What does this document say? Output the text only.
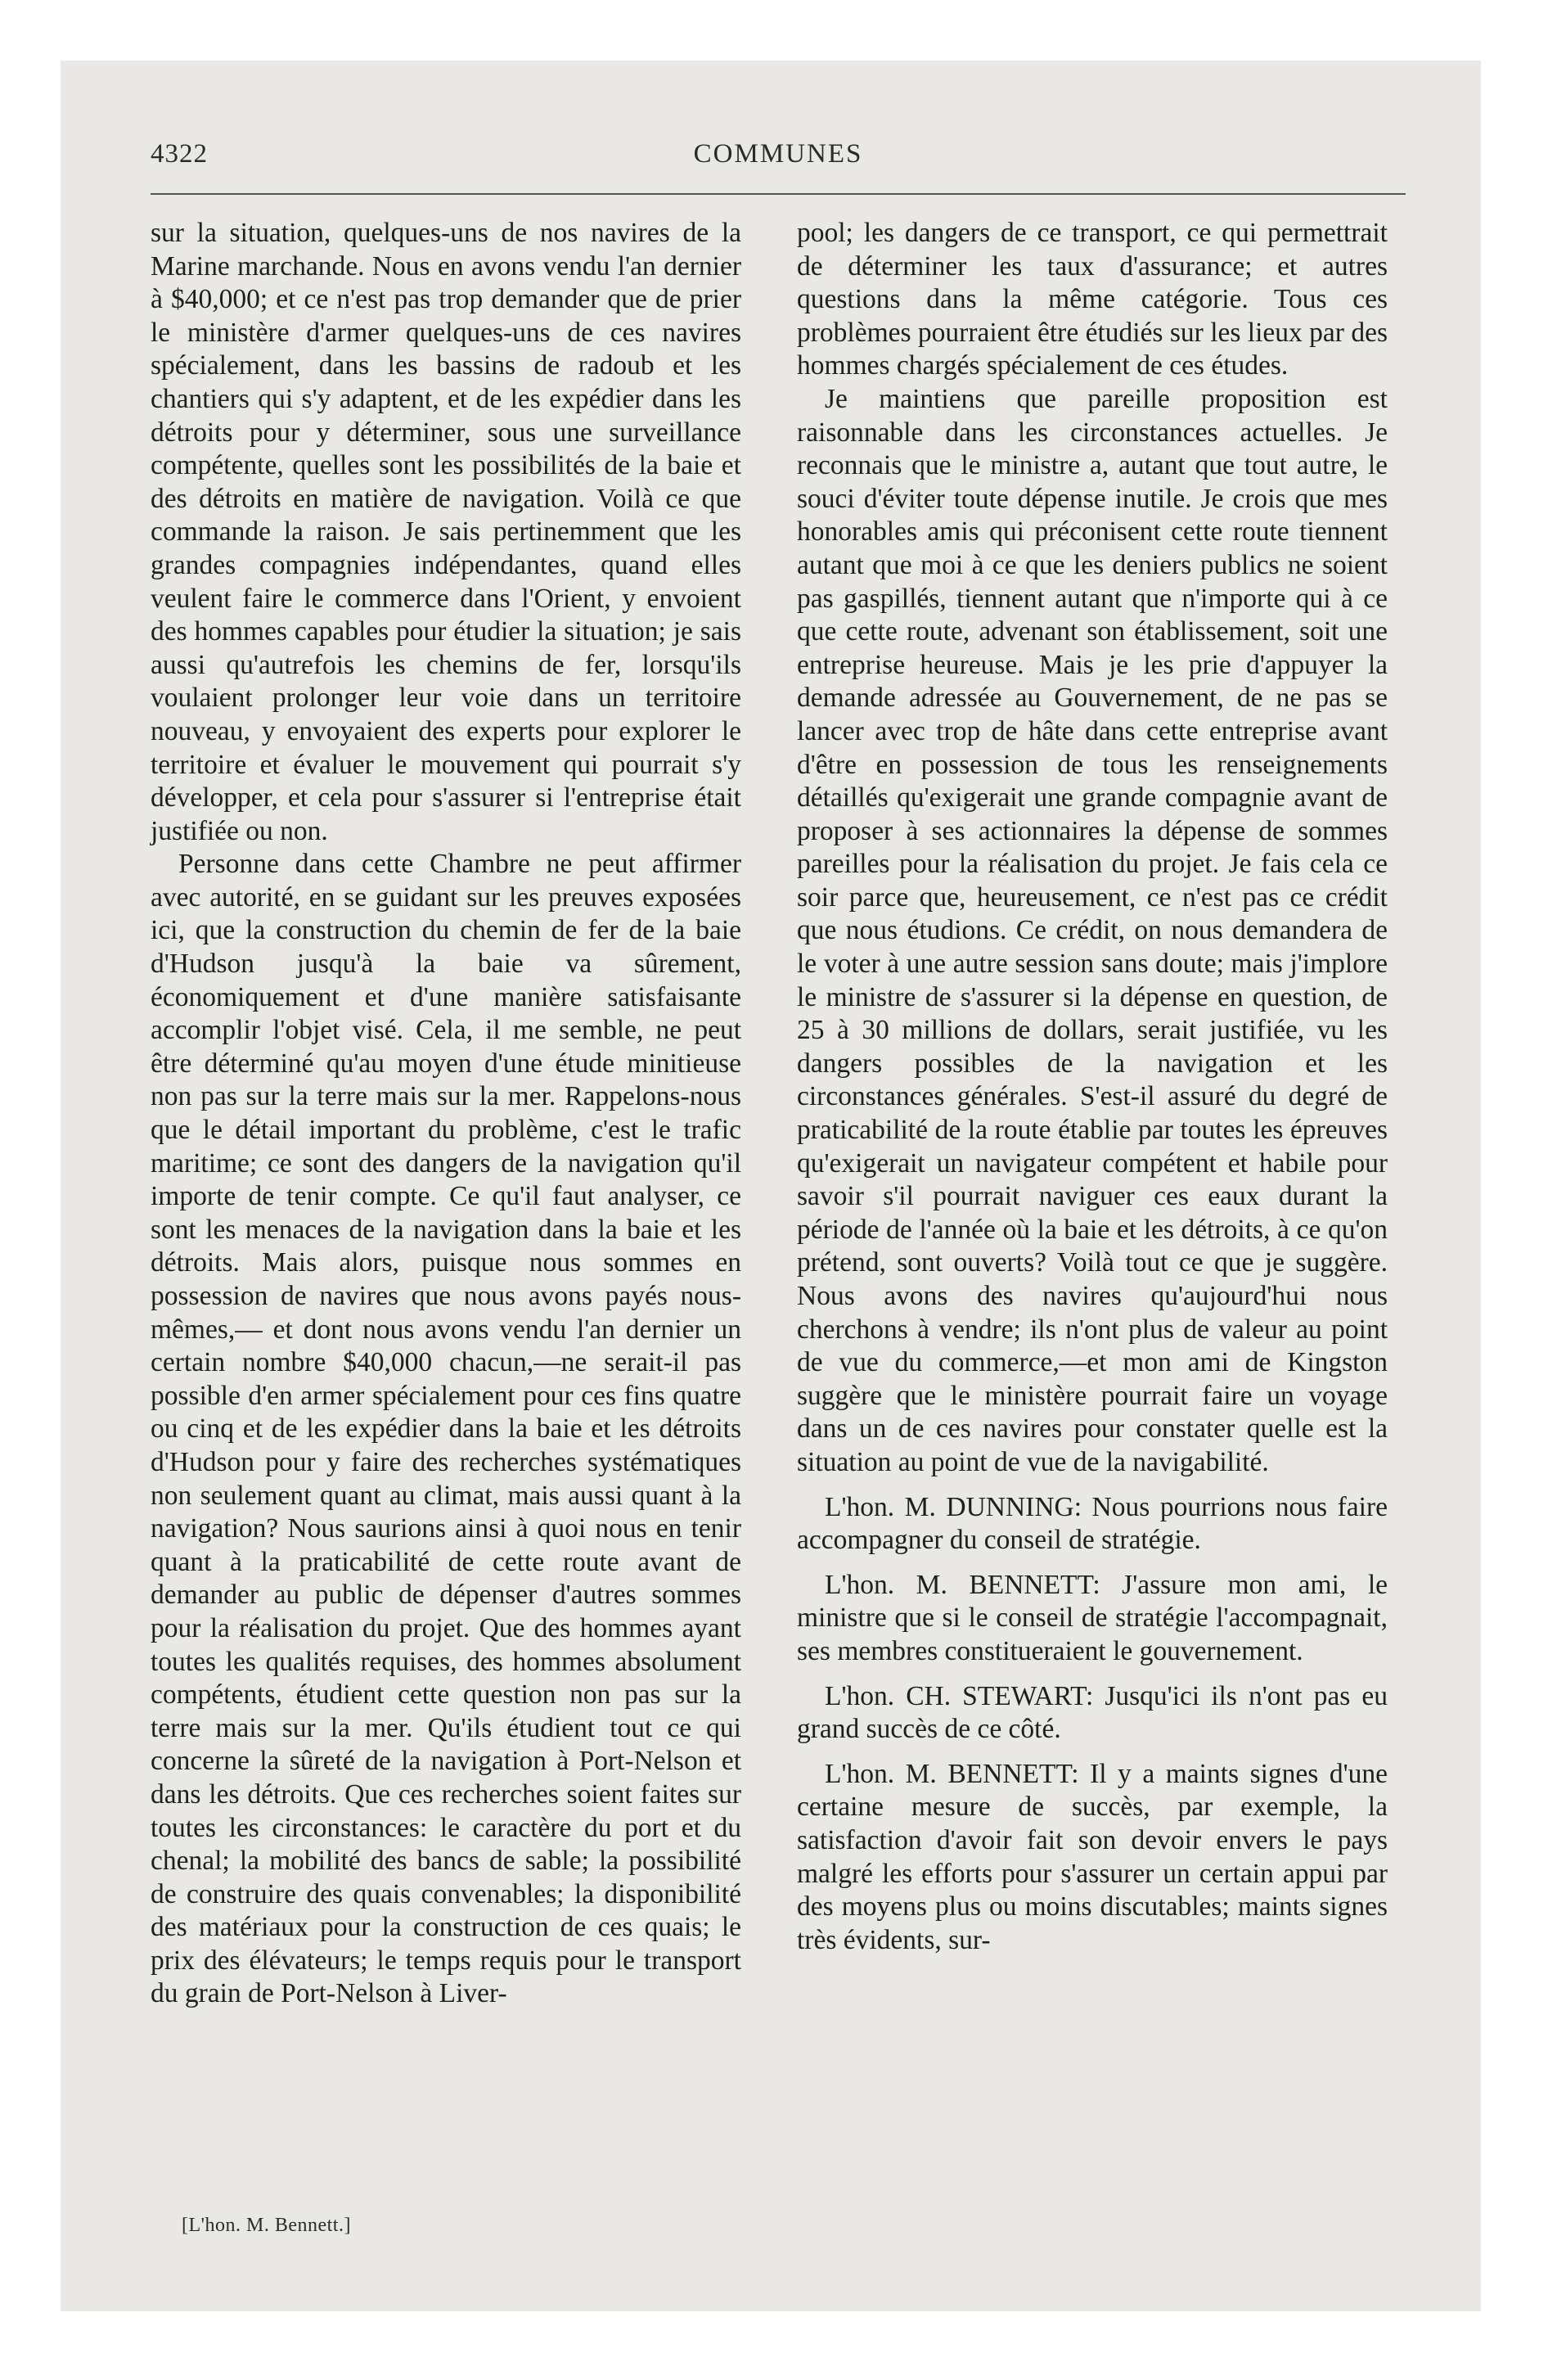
4322	COMMUNES

sur la situation, quelques-uns de nos navires de la Marine marchande. Nous en avons vendu l'an dernier à $40,000; et ce n'est pas trop demander que de prier le ministère d'armer quelques-uns de ces navires spécialement, dans les bassins de radoub et les chantiers qui s'y adaptent, et de les expédier dans les détroits pour y déterminer, sous une surveillance compétente, quelles sont les possibilités de la baie et des détroits en matière de navigation. Voilà ce que commande la raison. Je sais pertinemment que les grandes compagnies indépendantes, quand elles veulent faire le commerce dans l'Orient, y envoient des hommes capables pour étudier la situation; je sais aussi qu'autrefois les chemins de fer, lorsqu'ils voulaient prolonger leur voie dans un territoire nouveau, y envoyaient des experts pour explorer le territoire et évaluer le mouvement qui pourrait s'y développer, et cela pour s'assurer si l'entreprise était justifiée ou non.

Personne dans cette Chambre ne peut affirmer avec autorité, en se guidant sur les preuves exposées ici, que la construction du chemin de fer de la baie d'Hudson jusqu'à la baie va sûrement, économiquement et d'une manière satisfaisante accomplir l'objet visé. Cela, il me semble, ne peut être déterminé qu'au moyen d'une étude minitieuse non pas sur la terre mais sur la mer. Rappelons-nous que le détail important du problème, c'est le trafic maritime; ce sont des dangers de la navigation qu'il importe de tenir compte. Ce qu'il faut analyser, ce sont les menaces de la navigation dans la baie et les détroits. Mais alors, puisque nous sommes en possession de navires que nous avons payés nous-mêmes,— et dont nous avons vendu l'an dernier un certain nombre $40,000 chacun,—ne serait-il pas possible d'en armer spécialement pour ces fins quatre ou cinq et de les expédier dans la baie et les détroits d'Hudson pour y faire des recherches systématiques non seulement quant au climat, mais aussi quant à la navigation? Nous saurions ainsi à quoi nous en tenir quant à la praticabilité de cette route avant de demander au public de dépenser d'autres sommes pour la réalisation du projet. Que des hommes ayant toutes les qualités requises, des hommes absolument compétents, étudient cette question non pas sur la terre mais sur la mer. Qu'ils étudient tout ce qui concerne la sûreté de la navigation à Port-Nelson et dans les détroits. Que ces recherches soient faites sur toutes les circonstances: le caractère du port et du chenal; la mobilité des bancs de sable; la possibilité de construire des quais convenables; la disponibilité des matériaux pour la construction de ces quais; le prix des élévateurs; le temps requis pour le transport du grain de Port-Nelson à Liver-

pool; les dangers de ce transport, ce qui permettrait de déterminer les taux d'assurance; et autres questions dans la même catégorie. Tous ces problèmes pourraient être étudiés sur les lieux par des hommes chargés spécialement de ces études.

Je maintiens que pareille proposition est raisonnable dans les circonstances actuelles. Je reconnais que le ministre a, autant que tout autre, le souci d'éviter toute dépense inutile. Je crois que mes honorables amis qui préconisent cette route tiennent autant que moi à ce que les deniers publics ne soient pas gaspillés, tiennent autant que n'importe qui à ce que cette route, advenant son établissement, soit une entreprise heureuse. Mais je les prie d'appuyer la demande adressée au Gouvernement, de ne pas se lancer avec trop de hâte dans cette entreprise avant d'être en possession de tous les renseignements détaillés qu'exigerait une grande compagnie avant de proposer à ses actionnaires la dépense de sommes pareilles pour la réalisation du projet. Je fais cela ce soir parce que, heureusement, ce n'est pas ce crédit que nous étudions. Ce crédit, on nous demandera de le voter à une autre session sans doute; mais j'implore le ministre de s'assurer si la dépense en question, de 25 à 30 millions de dollars, serait justifiée, vu les dangers possibles de la navigation et les circonstances générales. S'est-il assuré du degré de praticabilité de la route établie par toutes les épreuves qu'exigerait un navigateur compétent et habile pour savoir s'il pourrait naviguer ces eaux durant la période de l'année où la baie et les détroits, à ce qu'on prétend, sont ouverts? Voilà tout ce que je suggère. Nous avons des navires qu'aujourd'hui nous cherchons à vendre; ils n'ont plus de valeur au point de vue du commerce,—et mon ami de Kingston suggère que le ministère pourrait faire un voyage dans un de ces navires pour constater quelle est la situation au point de vue de la navigabilité.

L'hon. M. DUNNING: Nous pourrions nous faire accompagner du conseil de stratégie.

L'hon. M. BENNETT: J'assure mon ami, le ministre que si le conseil de stratégie l'accompagnait, ses membres constitueraient le gouvernement.

L'hon. CH. STEWART: Jusqu'ici ils n'ont pas eu grand succès de ce côté.

L'hon. M. BENNETT: Il y a maints signes d'une certaine mesure de succès, par exemple, la satisfaction d'avoir fait son devoir envers le pays malgré les efforts pour s'assurer un certain appui par des moyens plus ou moins discutables; maints signes très évidents, sur-

[L'hon. M. Bennett.]
